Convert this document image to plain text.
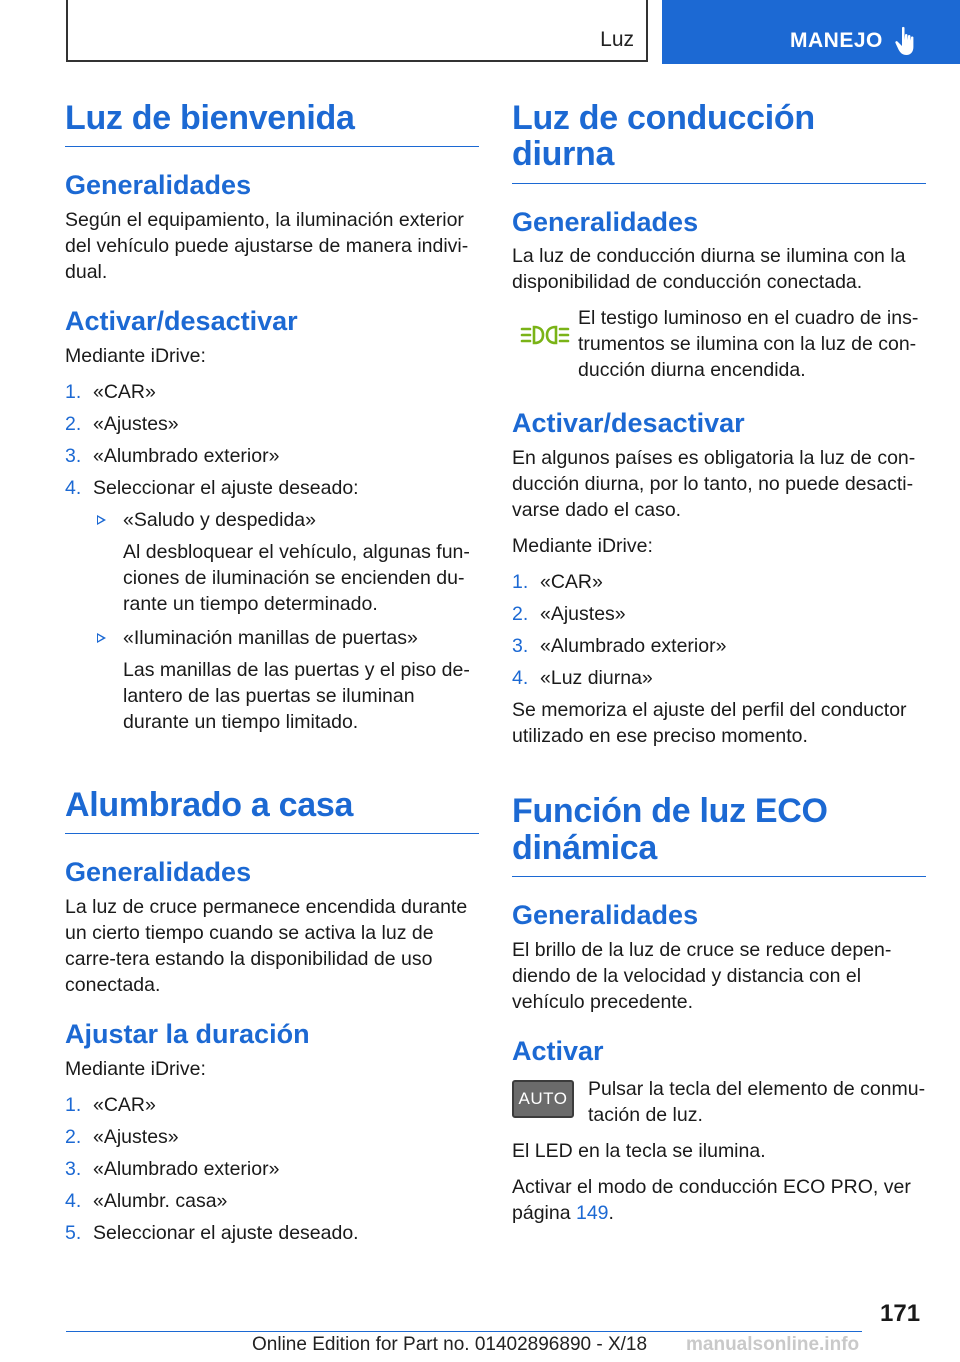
Luz	MANEJO
Luz de bienvenida
Generalidades

Según el equipamiento, la iluminación exterior del vehículo puede ajustarse de manera indivi-dual.

Activar/desactivar

Mediante iDrive:

1. «CAR»
2. «Ajustes»
3. «Alumbrado exterior»
4. Seleccionar el ajuste deseado:
«Saludo y despedida»
Al desbloquear el vehículo, algunas fun-ciones de iluminación se encienden du-rante un tiempo determinado.
«Iluminación manillas de puertas»
Las manillas de las puertas y el piso de-lantero de las puertas se iluminan durante un tiempo limitado.
Alumbrado a casa
Generalidades

La luz de cruce permanece encendida durante un cierto tiempo cuando se activa la luz de carre-tera estando la disponibilidad de uso conectada.

Ajustar la duración

Mediante iDrive:

1. «CAR»
2. «Ajustes»
3. «Alumbrado exterior»
4. «Alumbr. casa»
5. Seleccionar el ajuste deseado.
Luz de conducción diurna
Generalidades

La luz de conducción diurna se ilumina con la disponibilidad de conducción conectada.

El testigo luminoso en el cuadro de ins-trumentos se ilumina con la luz de con-ducción diurna encendida.

Activar/desactivar

En algunos países es obligatoria la luz de con-ducción diurna, por lo tanto, no puede desacti-varse dado el caso.

Mediante iDrive:

1. «CAR»
2. «Ajustes»
3. «Alumbrado exterior»
4. «Luz diurna»

Se memoriza el ajuste del perfil del conductor utilizado en ese preciso momento.

Función de luz ECO dinámica
Generalidades

El brillo de la luz de cruce se reduce depen-diendo de la velocidad y distancia con el vehículo precedente.

Activar
AUTO	Pulsar la tecla del elemento de conmu-tación de luz.

El LED en la tecla se ilumina.

Activar el modo de conducción ECO PRO, ver página 149.

171
Online Edition for Part no. 01402896890 - X/18 manualsonline.info
